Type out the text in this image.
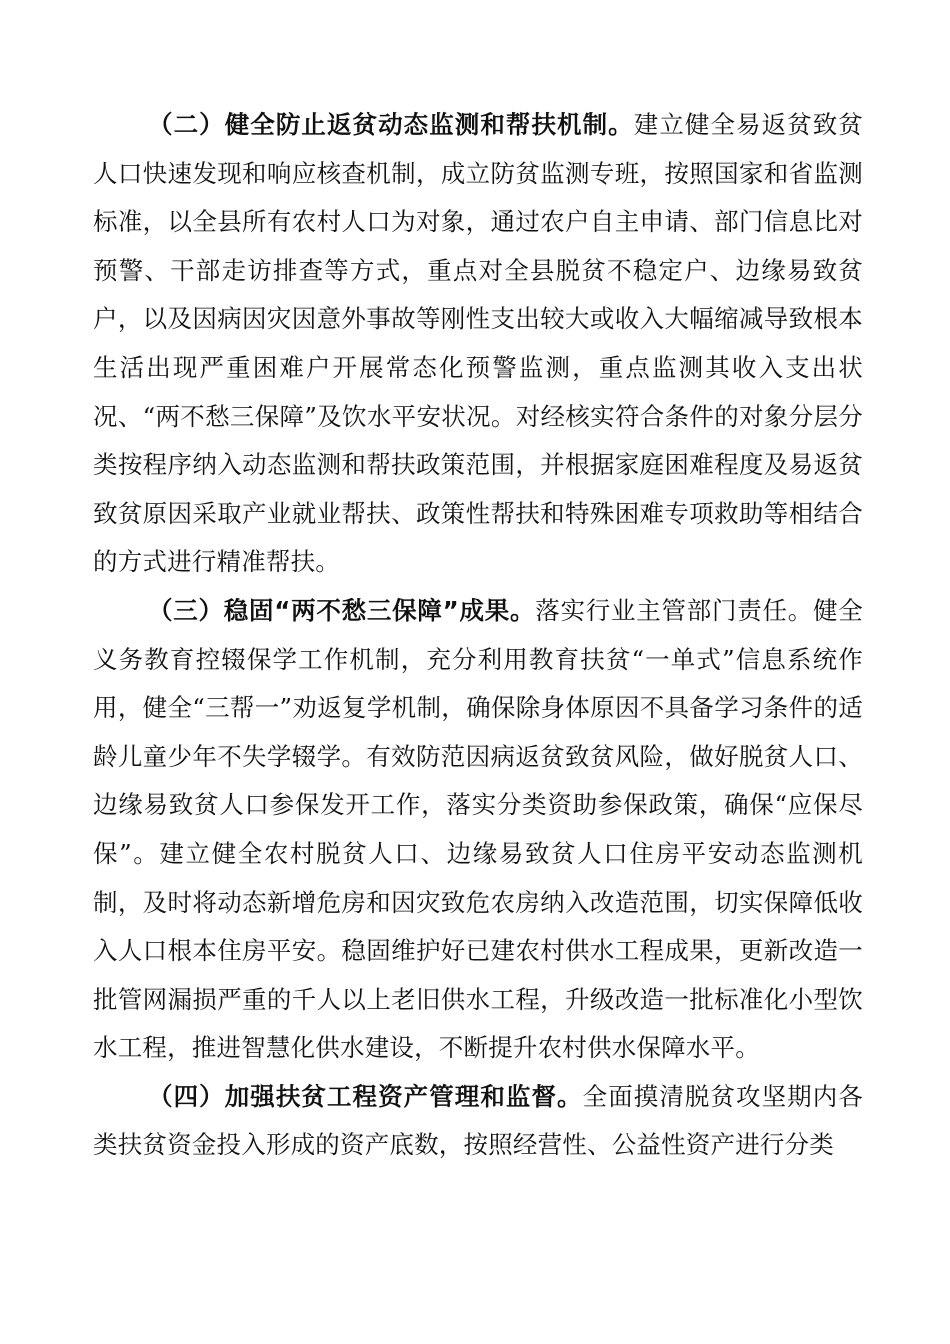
（二）健全防止返贫动态监测和帮扶机制。建立健全易返贫致贫人口快速发现和响应核查机制，成立防贫监测专班，按照国家和省监测标准，以全县所有农村人口为对象，通过农户自主申请、部门信息比对预警、干部走访排查等方式，重点对全县脱贫不稳定户、边缘易致贫户，以及因病因灾因意外事故等刚性支出较大或收入大幅缩减导致根本生活出现严重困难户开展常态化预警监测，重点监测其收入支出状况、“两不愁三保障”及饮水平安状况。对经核实符合条件的对象分层分类按程序纳入动态监测和帮扶政策范围，并根据家庭困难程度及易返贫致贫原因采取产业就业帮扶、政策性帮扶和特殊困难专项救助等相结合的方式进行精准帮扶。

（三）稳固“两不愁三保障”成果。落实行业主管部门责任。健全义务教育控辍保学工作机制，充分利用教育扶贫“一单式”信息系统作用，健全“三帮一”劝返复学机制，确保除身体原因不具备学习条件的适龄儿童少年不失学辍学。有效防范因病返贫致贫风险，做好脱贫人口、边缘易致贫人口参保发开工作，落实分类资助参保政策，确保“应保尽保”。建立健全农村脱贫人口、边缘易致贫人口住房平安动态监测机制，及时将动态新增危房和因灾致危农房纳入改造范围，切实保障低收入人口根本住房平安。稳固维护好已建农村供水工程成果，更新改造一批管网漏损严重的千人以上老旧供水工程，升级改造一批标准化小型饮水工程，推进智慧化供水建设，不断提升农村供水保障水平。

（四）加强扶贫工程资产管理和监督。全面摸清脱贫攻坚期内各类扶贫资金投入形成的资产底数，按照经营性、公益性资产进行分类
